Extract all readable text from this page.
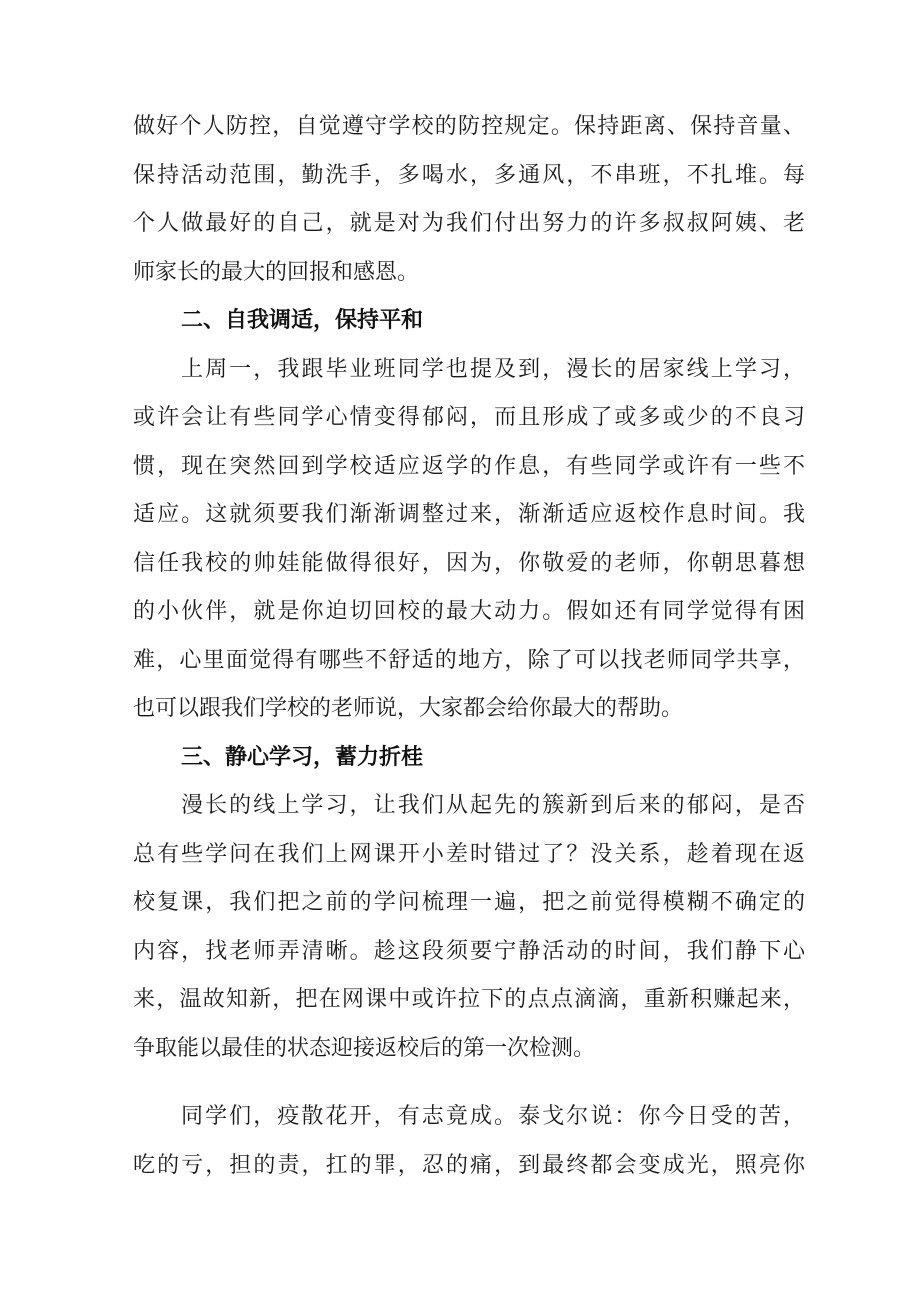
做好个人防控，自觉遵守学校的防控规定。保持距离、保持音量、
保持活动范围，勤洗手，多喝水，多通风，不串班，不扎堆。每
个人做最好的自己，就是对为我们付出努力的许多叔叔阿姨、老
师家长的最大的回报和感恩。
二、自我调适，保持平和
上周一，我跟毕业班同学也提及到，漫长的居家线上学习，
或许会让有些同学心情变得郁闷，而且形成了或多或少的不良习
惯，现在突然回到学校适应返学的作息，有些同学或许有一些不
适应。这就须要我们渐渐调整过来，渐渐适应返校作息时间。我
信任我校的帅娃能做得很好，因为，你敬爱的老师，你朝思暮想
的小伙伴，就是你迫切回校的最大动力。假如还有同学觉得有困
难，心里面觉得有哪些不舒适的地方，除了可以找老师同学共享，
也可以跟我们学校的老师说，大家都会给你最大的帮助。
三、静心学习，蓄力折桂
漫长的线上学习，让我们从起先的簇新到后来的郁闷，是否
总有些学问在我们上网课开小差时错过了？没关系，趁着现在返
校复课，我们把之前的学问梳理一遍，把之前觉得模糊不确定的
内容，找老师弄清晰。趁这段须要宁静活动的时间，我们静下心
来，温故知新，把在网课中或许拉下的点点滴滴，重新积赚起来，
争取能以最佳的状态迎接返校后的第一次检测。
同学们，疫散花开，有志竟成。泰戈尔说：你今日受的苦，
吃的亏，担的责，扛的罪，忍的痛，到最终都会变成光，照亮你
